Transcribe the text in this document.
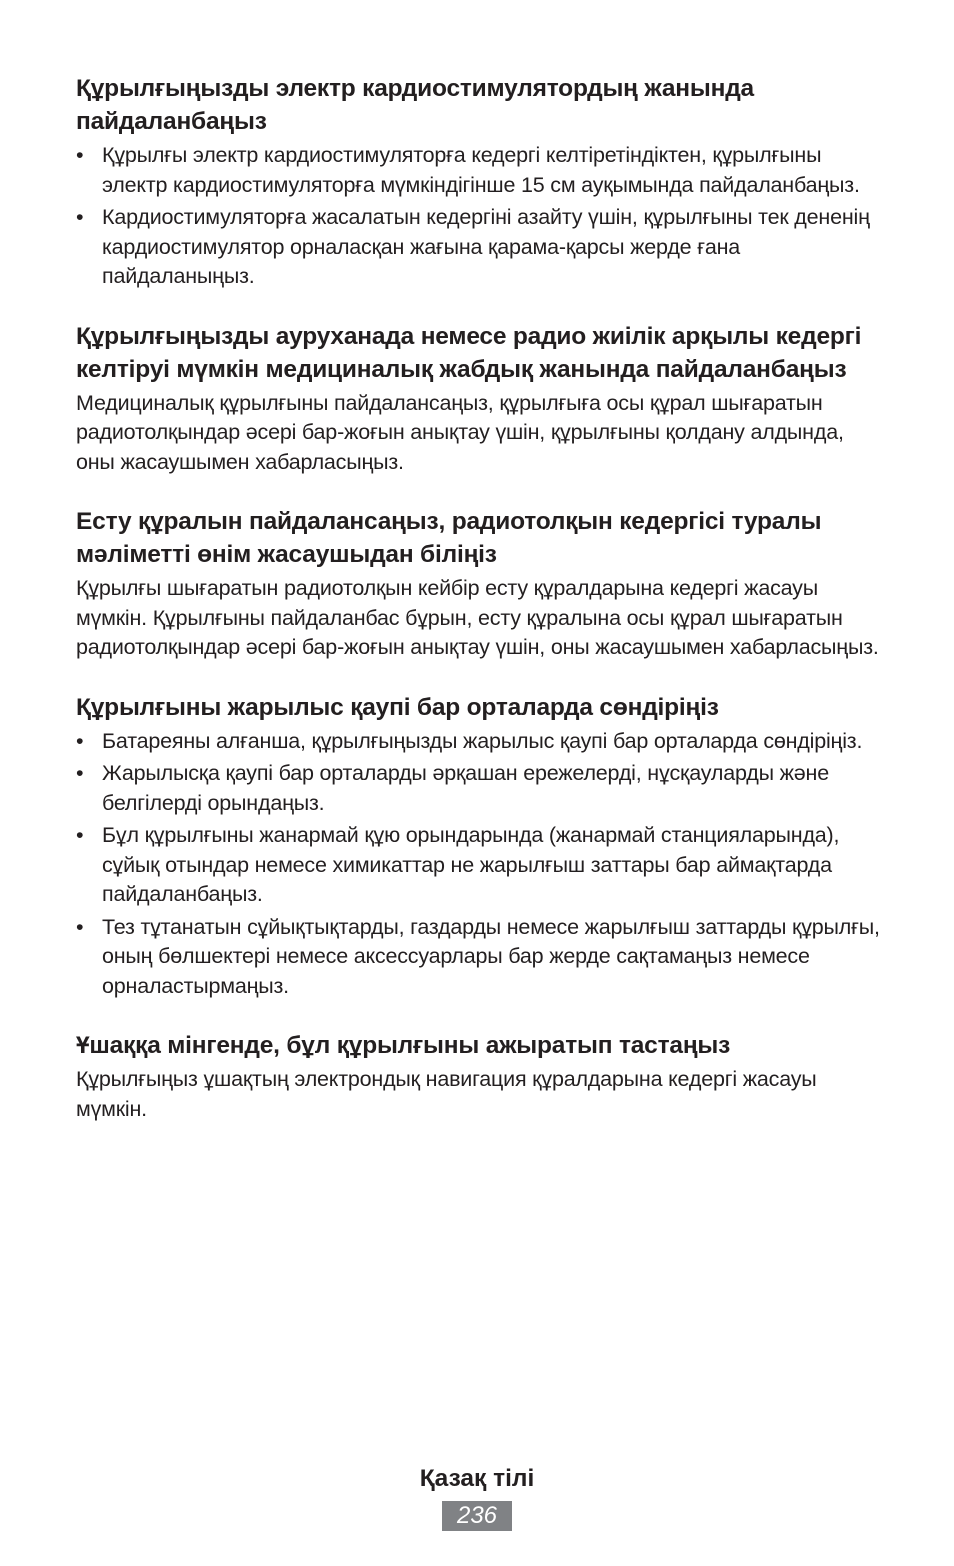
Құрылғыңызды электр кардиостимулятордың жанында пайдаланбаңыз
• Құрылғы электр кардиостимуляторға кедергі келтіретіндіктен, құрылғыны электр кардиостимуляторға мүмкіндігінше 15 см ауқымында пайдаланбаңыз.
• Кардиостимуляторға жасалатын кедергіні азайту үшін, құрылғыны тек дененің кардиостимулятор орналасқан жағына қарама-қарсы жерде ғана пайдаланыңыз.
Құрылғыңызды ауруханада немесе радио жиілік арқылы кедергі келтіруі мүмкін медициналық жабдық жанында пайдаланбаңыз

Медициналық құрылғыны пайдалансаңыз, құрылғыға осы құрал шығаратын радиотолқындар әсері бар-жоғын анықтау үшін, құрылғыны қолдану алдында, оны жасаушымен хабарласыңыз.

Есту құралын пайдалансаңыз, радиотолқын кедергісі туралы мәліметті өнім жасаушыдан біліңіз

Құрылғы шығаратын радиотолқын кейбір есту құралдарына кедергі жасауы мүмкін. Құрылғыны пайдаланбас бұрын, есту құралына осы құрал шығаратын радиотолқындар әсері бар-жоғын анықтау үшін, оны жасаушымен хабарласыңыз.

Құрылғыны жарылыс қаупі бар орталарда сөндіріңіз
• Батареяны алғанша, құрылғыңызды жарылыс қаупі бар орталарда сөндіріңіз.
• Жарылысқа қаупі бар орталарды әрқашан ережелерді, нұсқауларды және белгілерді орындаңыз.
• Бұл құрылғыны жанармай құю орындарында (жанармай станцияларында), сұйық отындар немесе химикаттар не жарылғыш заттары бар аймақтарда пайдаланбаңыз.
• Тез тұтанатын сұйықтықтарды, газдарды немесе жарылғыш заттарды құрылғы, оның бөлшектері немесе аксессуарлары бар жерде сақтамаңыз немесе орналастырмаңыз.
Ұшаққа мінгенде, бұл құрылғыны ажыратып тастаңыз

Құрылғыңыз ұшақтың электрондық навигация құралдарына кедергі жасауы мүмкін.

Қазақ тілі
236
